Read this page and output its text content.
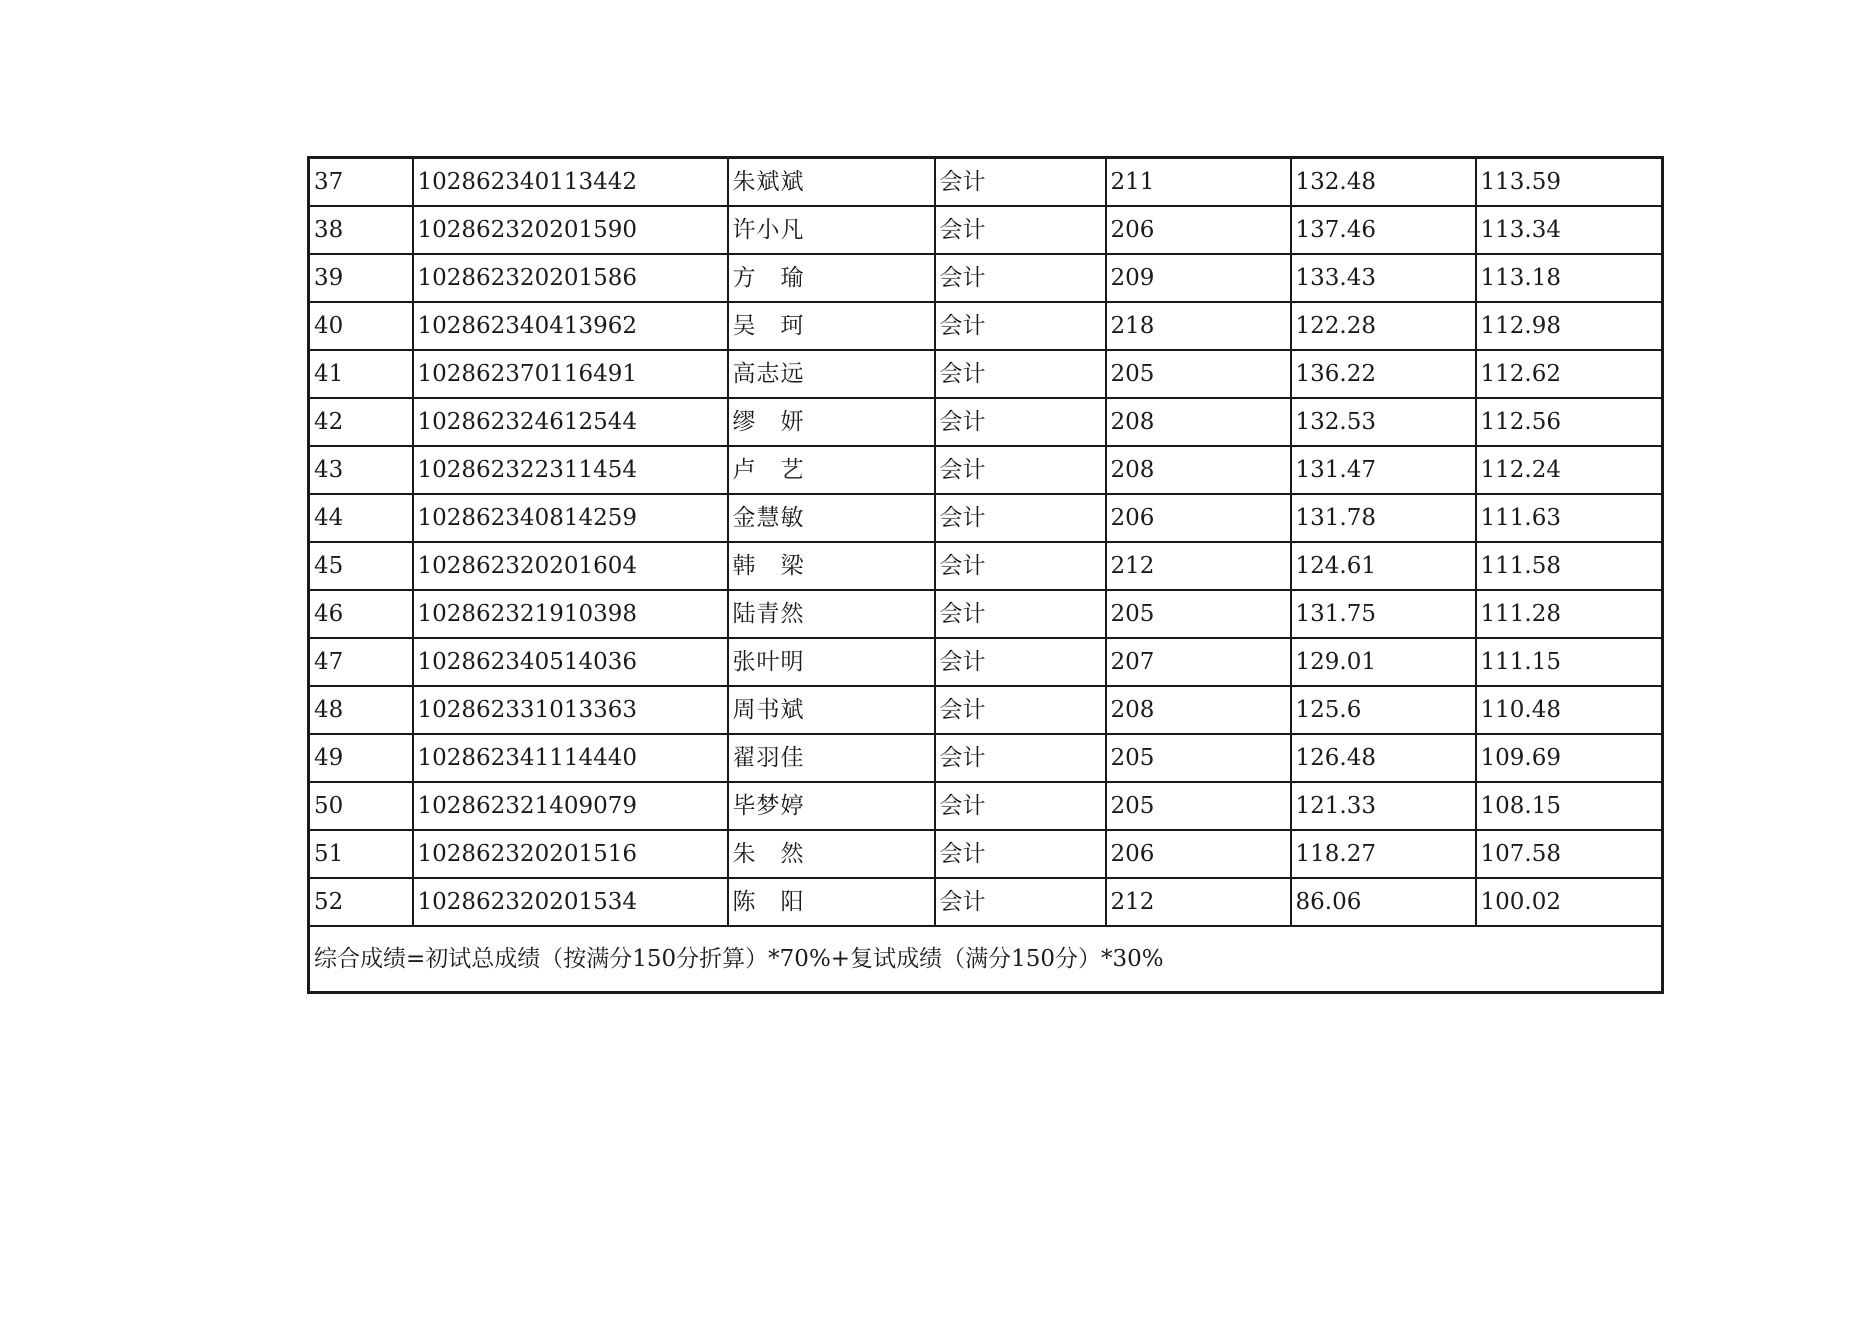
37	102862340113442	朱斌斌	会计	211	132.48	113.59
38	102862320201590	许小凡	会计	206	137.46	113.34
39	102862320201586	方　瑜	会计	209	133.43	113.18
40	102862340413962	吴　珂	会计	218	122.28	112.98
41	102862370116491	高志远	会计	205	136.22	112.62
42	102862324612544	缪　妍	会计	208	132.53	112.56
43	102862322311454	卢　艺	会计	208	131.47	112.24
44	102862340814259	金慧敏	会计	206	131.78	111.63
45	102862320201604	韩　梁	会计	212	124.61	111.58
46	102862321910398	陆青然	会计	205	131.75	111.28
47	102862340514036	张叶明	会计	207	129.01	111.15
48	102862331013363	周书斌	会计	208	125.6	110.48
49	102862341114440	翟羽佳	会计	205	126.48	109.69
50	102862321409079	毕梦婷	会计	205	121.33	108.15
51	102862320201516	朱　然	会计	206	118.27	107.58
52	102862320201534	陈　阳	会计	212	86.06	100.02
综合成绩=初试总成绩（按满分150分折算）*70%+复试成绩（满分150分）*30%						
